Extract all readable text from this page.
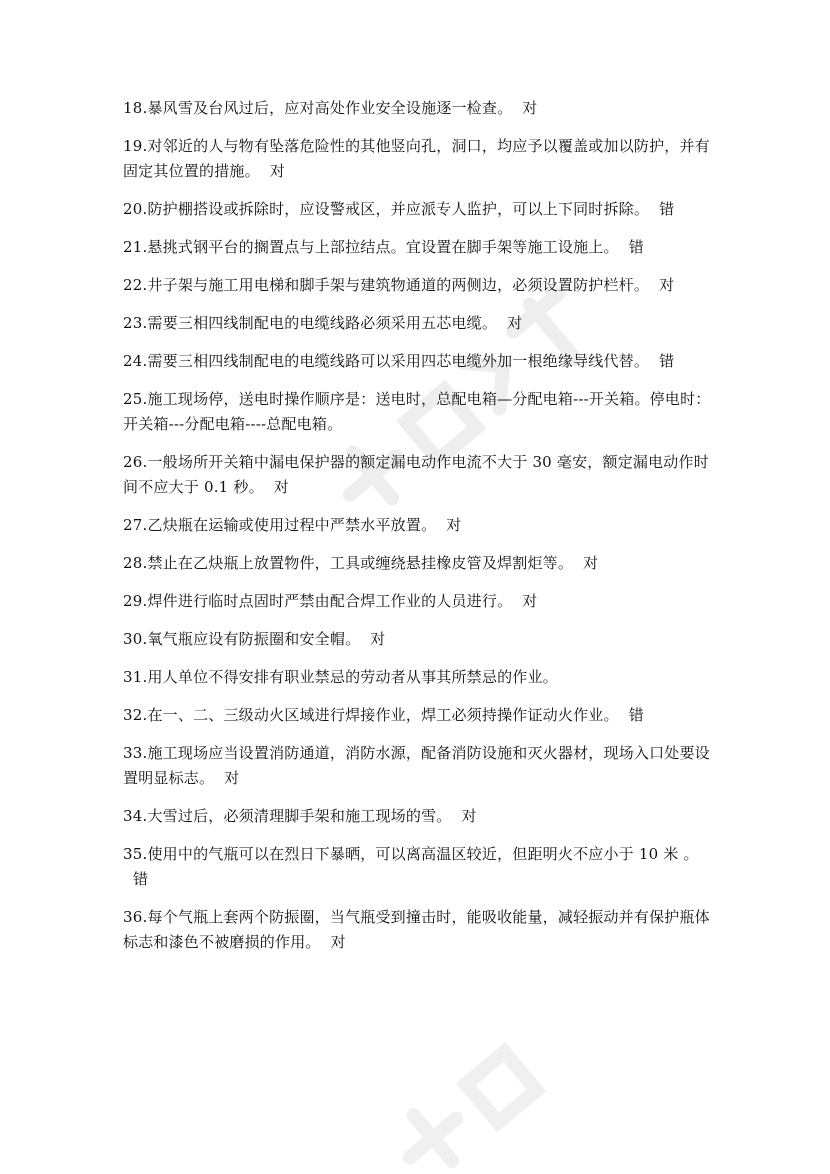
18.暴风雪及台风过后，应对高处作业安全设施逐一检查。 对

19.对邻近的人与物有坠落危险性的其他竖向孔，洞口，均应予以覆盖或加以防护，并有固定其位置的措施。 对

20.防护棚搭设或拆除时，应设警戒区，并应派专人监护，可以上下同时拆除。 错

21.悬挑式钢平台的搁置点与上部拉结点。宜设置在脚手架等施工设施上。 错

22.井子架与施工用电梯和脚手架与建筑物通道的两侧边，必须设置防护栏杆。 对

23.需要三相四线制配电的电缆线路必须采用五芯电缆。 对

24.需要三相四线制配电的电缆线路可以采用四芯电缆外加一根绝缘导线代替。 错

25.施工现场停，送电时操作顺序是：送电时，总配电箱—分配电箱---开关箱。停电时：开关箱---分配电箱----总配电箱。

26.一般场所开关箱中漏电保护器的额定漏电动作电流不大于 30 毫安，额定漏电动作时间不应大于 0.1 秒。 对

27.乙炔瓶在运输或使用过程中严禁水平放置。 对

28.禁止在乙炔瓶上放置物件，工具或缠绕悬挂橡皮管及焊割炬等。 对

29.焊件进行临时点固时严禁由配合焊工作业的人员进行。 对

30.氧气瓶应设有防振圈和安全帽。 对

31.用人单位不得安排有职业禁忌的劳动者从事其所禁忌的作业。

32.在一、二、三级动火区域进行焊接作业，焊工必须持操作证动火作业。 错

33.施工现场应当设置消防通道，消防水源，配备消防设施和灭火器材，现场入口处要设置明显标志。 对

34.大雪过后，必须清理脚手架和施工现场的雪。 对

35.使用中的气瓶可以在烈日下暴晒，可以离高温区较近，但距明火不应小于 10 米 。错

36.每个气瓶上套两个防振圈，当气瓶受到撞击时，能吸收能量，减轻振动并有保护瓶体标志和漆色不被磨损的作用。 对
